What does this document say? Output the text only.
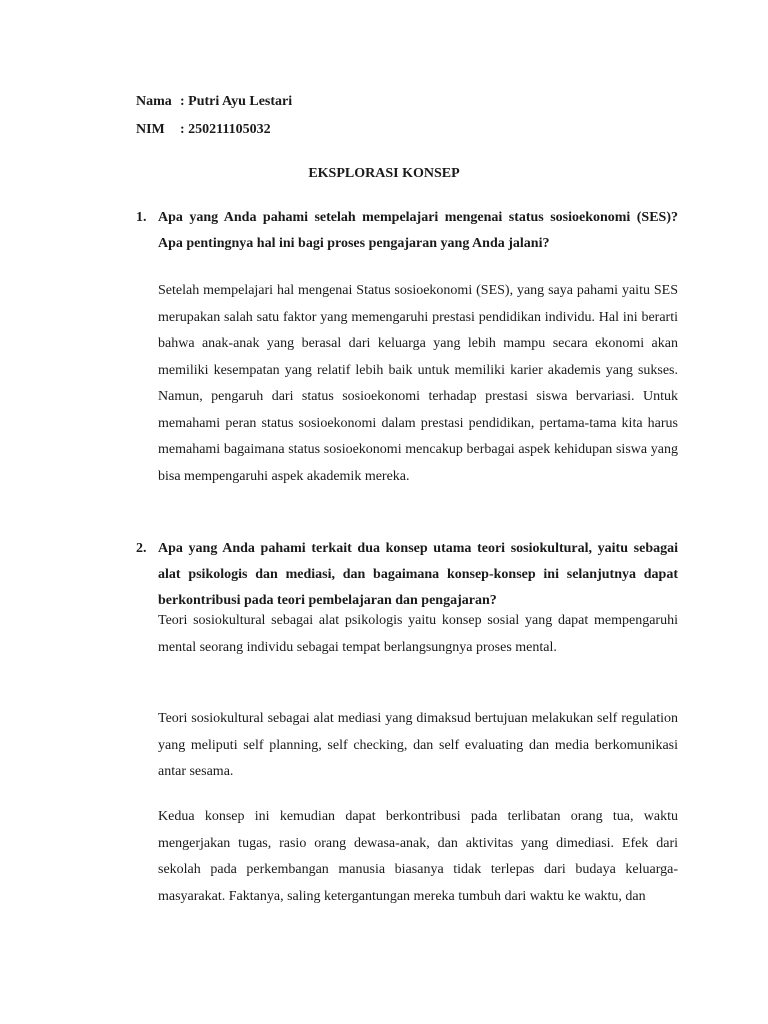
Nama : Putri Ayu Lestari
NIM : 250211105032
EKSPLORASI KONSEP
1. Apa yang Anda pahami setelah mempelajari mengenai status sosioekonomi (SES)? Apa pentingnya hal ini bagi proses pengajaran yang Anda jalani?
Setelah mempelajari hal mengenai Status sosioekonomi (SES), yang saya pahami yaitu SES merupakan salah satu faktor yang memengaruhi prestasi pendidikan individu. Hal ini berarti bahwa anak-anak yang berasal dari keluarga yang lebih mampu secara ekonomi akan memiliki kesempatan yang relatif lebih baik untuk memiliki karier akademis yang sukses. Namun, pengaruh dari status sosioekonomi terhadap prestasi siswa bervariasi. Untuk memahami peran status sosioekonomi dalam prestasi pendidikan, pertama-tama kita harus memahami bagaimana status sosioekonomi mencakup berbagai aspek kehidupan siswa yang bisa mempengaruhi aspek akademik mereka.
2. Apa yang Anda pahami terkait dua konsep utama teori sosiokultural, yaitu sebagai alat psikologis dan mediasi, dan bagaimana konsep-konsep ini selanjutnya dapat berkontribusi pada teori pembelajaran dan pengajaran?
Teori sosiokultural sebagai alat psikologis yaitu konsep sosial yang dapat mempengaruhi mental seorang individu sebagai tempat berlangsungnya proses mental.
Teori sosiokultural sebagai alat mediasi yang dimaksud bertujuan melakukan self regulation yang meliputi self planning, self checking, dan self evaluating dan media berkomunikasi antar sesama.
Kedua konsep ini kemudian dapat berkontribusi pada terlibatan orang tua, waktu mengerjakan tugas, rasio orang dewasa-anak, dan aktivitas yang dimediasi. Efek dari sekolah pada perkembangan manusia biasanya tidak terlepas dari budaya keluarga-masyarakat. Faktanya, saling ketergantungan mereka tumbuh dari waktu ke waktu, dan
